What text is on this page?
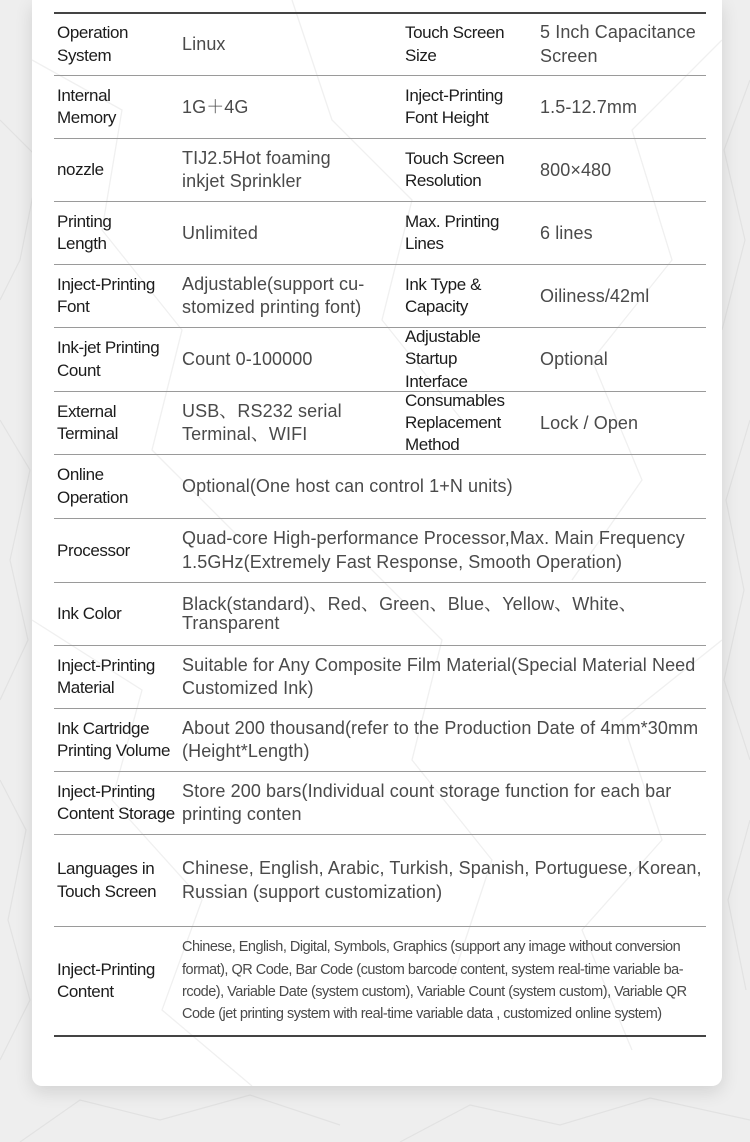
Operation
System
Linux
Touch Screen
Size
5 Inch Capacitance
Screen
Internal
Memory
1G＋4G
Inject-Printing
Font Height
1.5-12.7mm
nozzle
TIJ2.5Hot foaming
inkjet Sprinkler
Touch Screen
Resolution
800×480
Printing
Length
Unlimited
Max. Printing
Lines
6 lines
Inject-Printing
Font
Adjustable(support cu-
stomized printing font)
Ink Type &
Capacity
Oiliness/42ml
Ink-jet Printing
Count
Count 0-100000
Adjustable
Startup
Interface
Optional
External
Terminal
USB、RS232 serial
Terminal、WIFI
Consumables
Replacement
Method
Lock / Open
Online
Operation
Optional(One host can control 1+N units)
Processor
Quad-core High-performance Processor,Max. Main Frequency
1.5GHz(Extremely Fast Response, Smooth Operation)
Ink Color	Black(standard)、Red、Green、Blue、Yellow、White、Transparent
Inject-Printing
Material
Suitable for Any Composite Film Material(Special Material Need
Customized Ink)
Ink Cartridge
Printing Volume
About 200 thousand(refer to the Production Date of 4mm*30mm
(Height*Length)
Inject-Printing
Content Storage
Store 200 bars(Individual count storage function for each bar
printing conten
Languages in
Touch Screen
Chinese, English, Arabic, Turkish, Spanish, Portuguese, Korean,
Russian (support customization)
Inject-Printing
Content
Chinese, English, Digital, Symbols, Graphics (support any image without conversion
format), QR Code, Bar Code (custom barcode content, system real-time variable ba-
rcode), Variable Date (system custom), Variable Count (system custom), Variable QR
Code (jet printing system with real-time variable data , customized online system)
